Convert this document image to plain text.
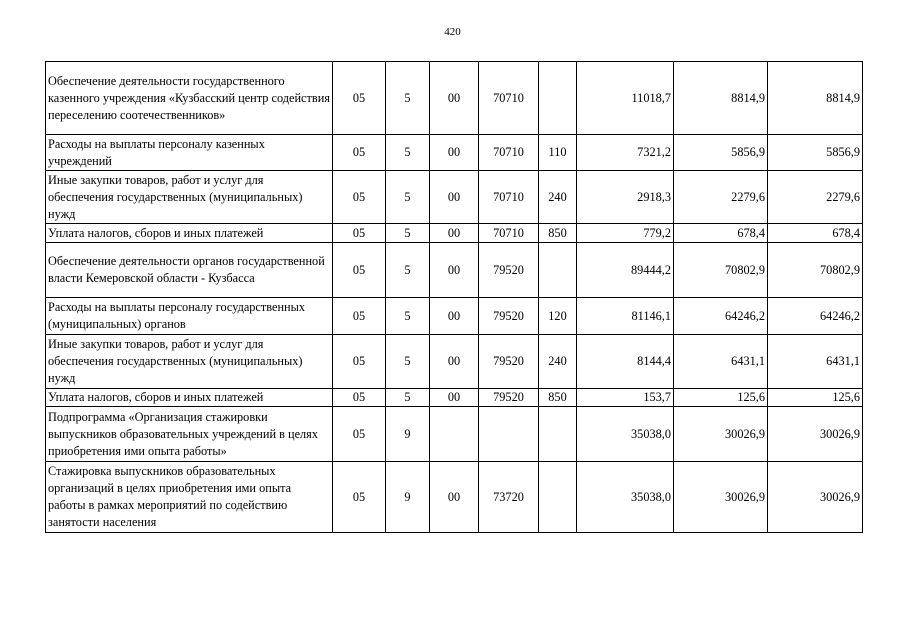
420
Обеспечение деятельности государственного казенного учреждения «Кузбасский центр содействия переселению соотечественников»	05	5	00	70710		11018,7	8814,9	8814,9
Расходы на выплаты персоналу казенных учреждений	05	5	00	70710	110	7321,2	5856,9	5856,9
Иные закупки товаров, работ и услуг для обеспечения государственных (муниципальных) нужд	05	5	00	70710	240	2918,3	2279,6	2279,6
Уплата налогов, сборов и иных платежей	05	5	00	70710	850	779,2	678,4	678,4
Обеспечение деятельности органов государственной власти Кемеровской области - Кузбасса	05	5	00	79520		89444,2	70802,9	70802,9
Расходы на выплаты персоналу государственных (муниципальных) органов	05	5	00	79520	120	81146,1	64246,2	64246,2
Иные закупки товаров, работ и услуг для обеспечения государственных (муниципальных) нужд	05	5	00	79520	240	8144,4	6431,1	6431,1
Уплата налогов, сборов и иных платежей	05	5	00	79520	850	153,7	125,6	125,6
Подпрограмма «Организация стажировки выпускников образовательных учреждений в целях приобретения ими опыта работы»	05	9				35038,0	30026,9	30026,9
Стажировка выпускников образовательных организаций в целях приобретения ими опыта работы в рамках мероприятий по содействию занятости населения	05	9	00	73720		35038,0	30026,9	30026,9
